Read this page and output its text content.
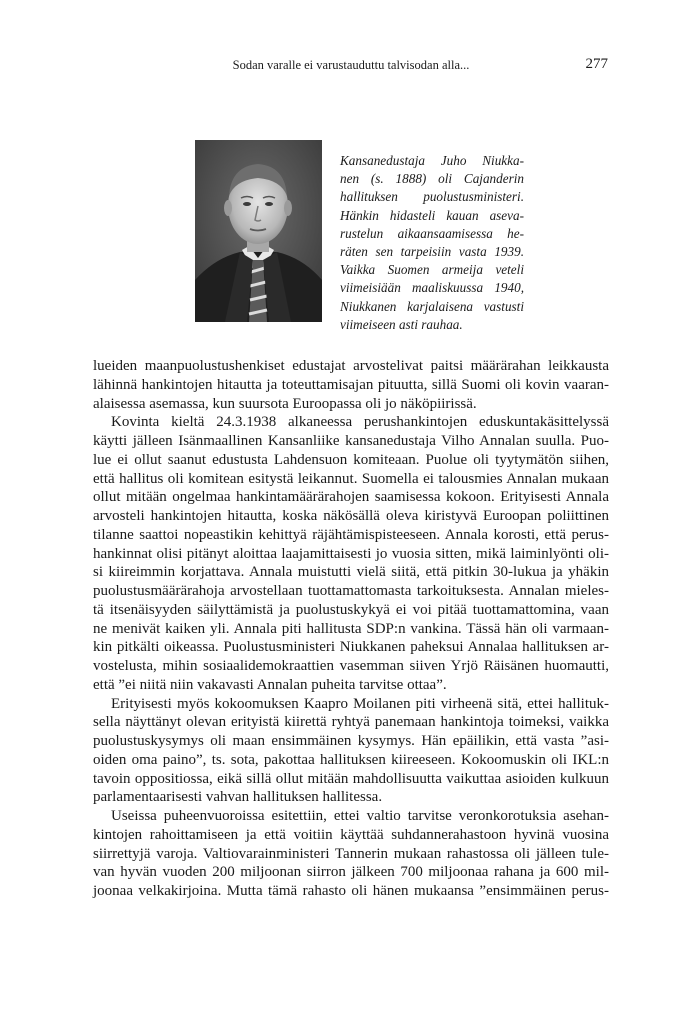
Sodan varalle ei varustauduttu talvisodan alla...	277
Kansanedustaja Juho Niukka-
nen (s. 1888) oli Cajanderin
hallituksen puolustusministeri.
Hänkin hidasteli kauan aseva-
rustelun aikaansaamisessa he-
räten sen tarpeisiin vasta 1939.
Vaikka Suomen armeija veteli
viimeisiään maaliskuussa 1940,
Niukkanen karjalaisena vastusti
viimeiseen asti rauhaa.
lueiden maanpuolustushenkiset edustajat arvostelivat paitsi määrärahan leikkausta
lähinnä hankintojen hitautta ja toteuttamisajan pituutta, sillä Suomi oli kovin vaaran-
alaisessa asemassa, kun suursota Euroopassa oli jo näköpiirissä.
Kovinta kieltä 24.3.1938 alkaneessa perushankintojen eduskuntakäsittelyssä
käytti jälleen Isänmaallinen Kansanliike kansanedustaja Vilho Annalan suulla. Puo-
lue ei ollut saanut edustusta Lahdensuon komiteaan. Puolue oli tyytymätön siihen,
että hallitus oli komitean esitystä leikannut. Suomella ei talousmies Annalan mukaan
ollut mitään ongelmaa hankintamäärärahojen saamisessa kokoon. Erityisesti Annala
arvosteli hankintojen hitautta, koska näkösällä oleva kiristyvä Euroopan poliittinen
tilanne saattoi nopeastikin kehittyä räjähtämispisteeseen. Annala korosti, että perus-
hankinnat olisi pitänyt aloittaa laajamittaisesti jo vuosia sitten, mikä laiminlyönti oli-
si kiireimmin korjattava. Annala muistutti vielä siitä, että pitkin 30-lukua ja yhäkin
puolustusmäärärahoja arvostellaan tuottamattomasta tarkoituksesta. Annalan mieles-
tä itsenäisyyden säilyttämistä ja puolustuskykyä ei voi pitää tuottamattomina, vaan
ne menivät kaiken yli. Annala piti hallitusta SDP:n vankina. Tässä hän oli varmaan-
kin pitkälti oikeassa. Puolustusministeri Niukkanen paheksui Annalaa hallituksen ar-
vostelusta, mihin sosiaalidemokraattien vasemman siiven Yrjö Räisänen huomautti,
että ”ei niitä niin vakavasti Annalan puheita tarvitse ottaa”.
Erityisesti myös kokoomuksen Kaapro Moilanen piti virheenä sitä, ettei hallituk-
sella näyttänyt olevan erityistä kiirettä ryhtyä panemaan hankintoja toimeksi, vaikka
puolustuskysymys oli maan ensimmäinen kysymys. Hän epäilikin, että vasta ”asi-
oiden oma paino”, ts. sota, pakottaa hallituksen kiireeseen. Kokoomuskin oli IKL:n
tavoin oppositiossa, eikä sillä ollut mitään mahdollisuutta vaikuttaa asioiden kulkuun
parlamentaarisesti vahvan hallituksen hallitessa.
Useissa puheenvuoroissa esitettiin, ettei valtio tarvitse veronkorotuksia asehan-
kintojen rahoittamiseen ja että voitiin käyttää suhdannerahastoon hyvinä vuosina
siirrettyjä varoja. Valtiovarainministeri Tannerin mukaan rahastossa oli jälleen tule-
van hyvän vuoden 200 miljoonan siirron jälkeen 700 miljoonaa rahana ja 600 mil-
joonaa velkakirjoina. Mutta tämä rahasto oli hänen mukaansa ”ensimmäinen perus-
